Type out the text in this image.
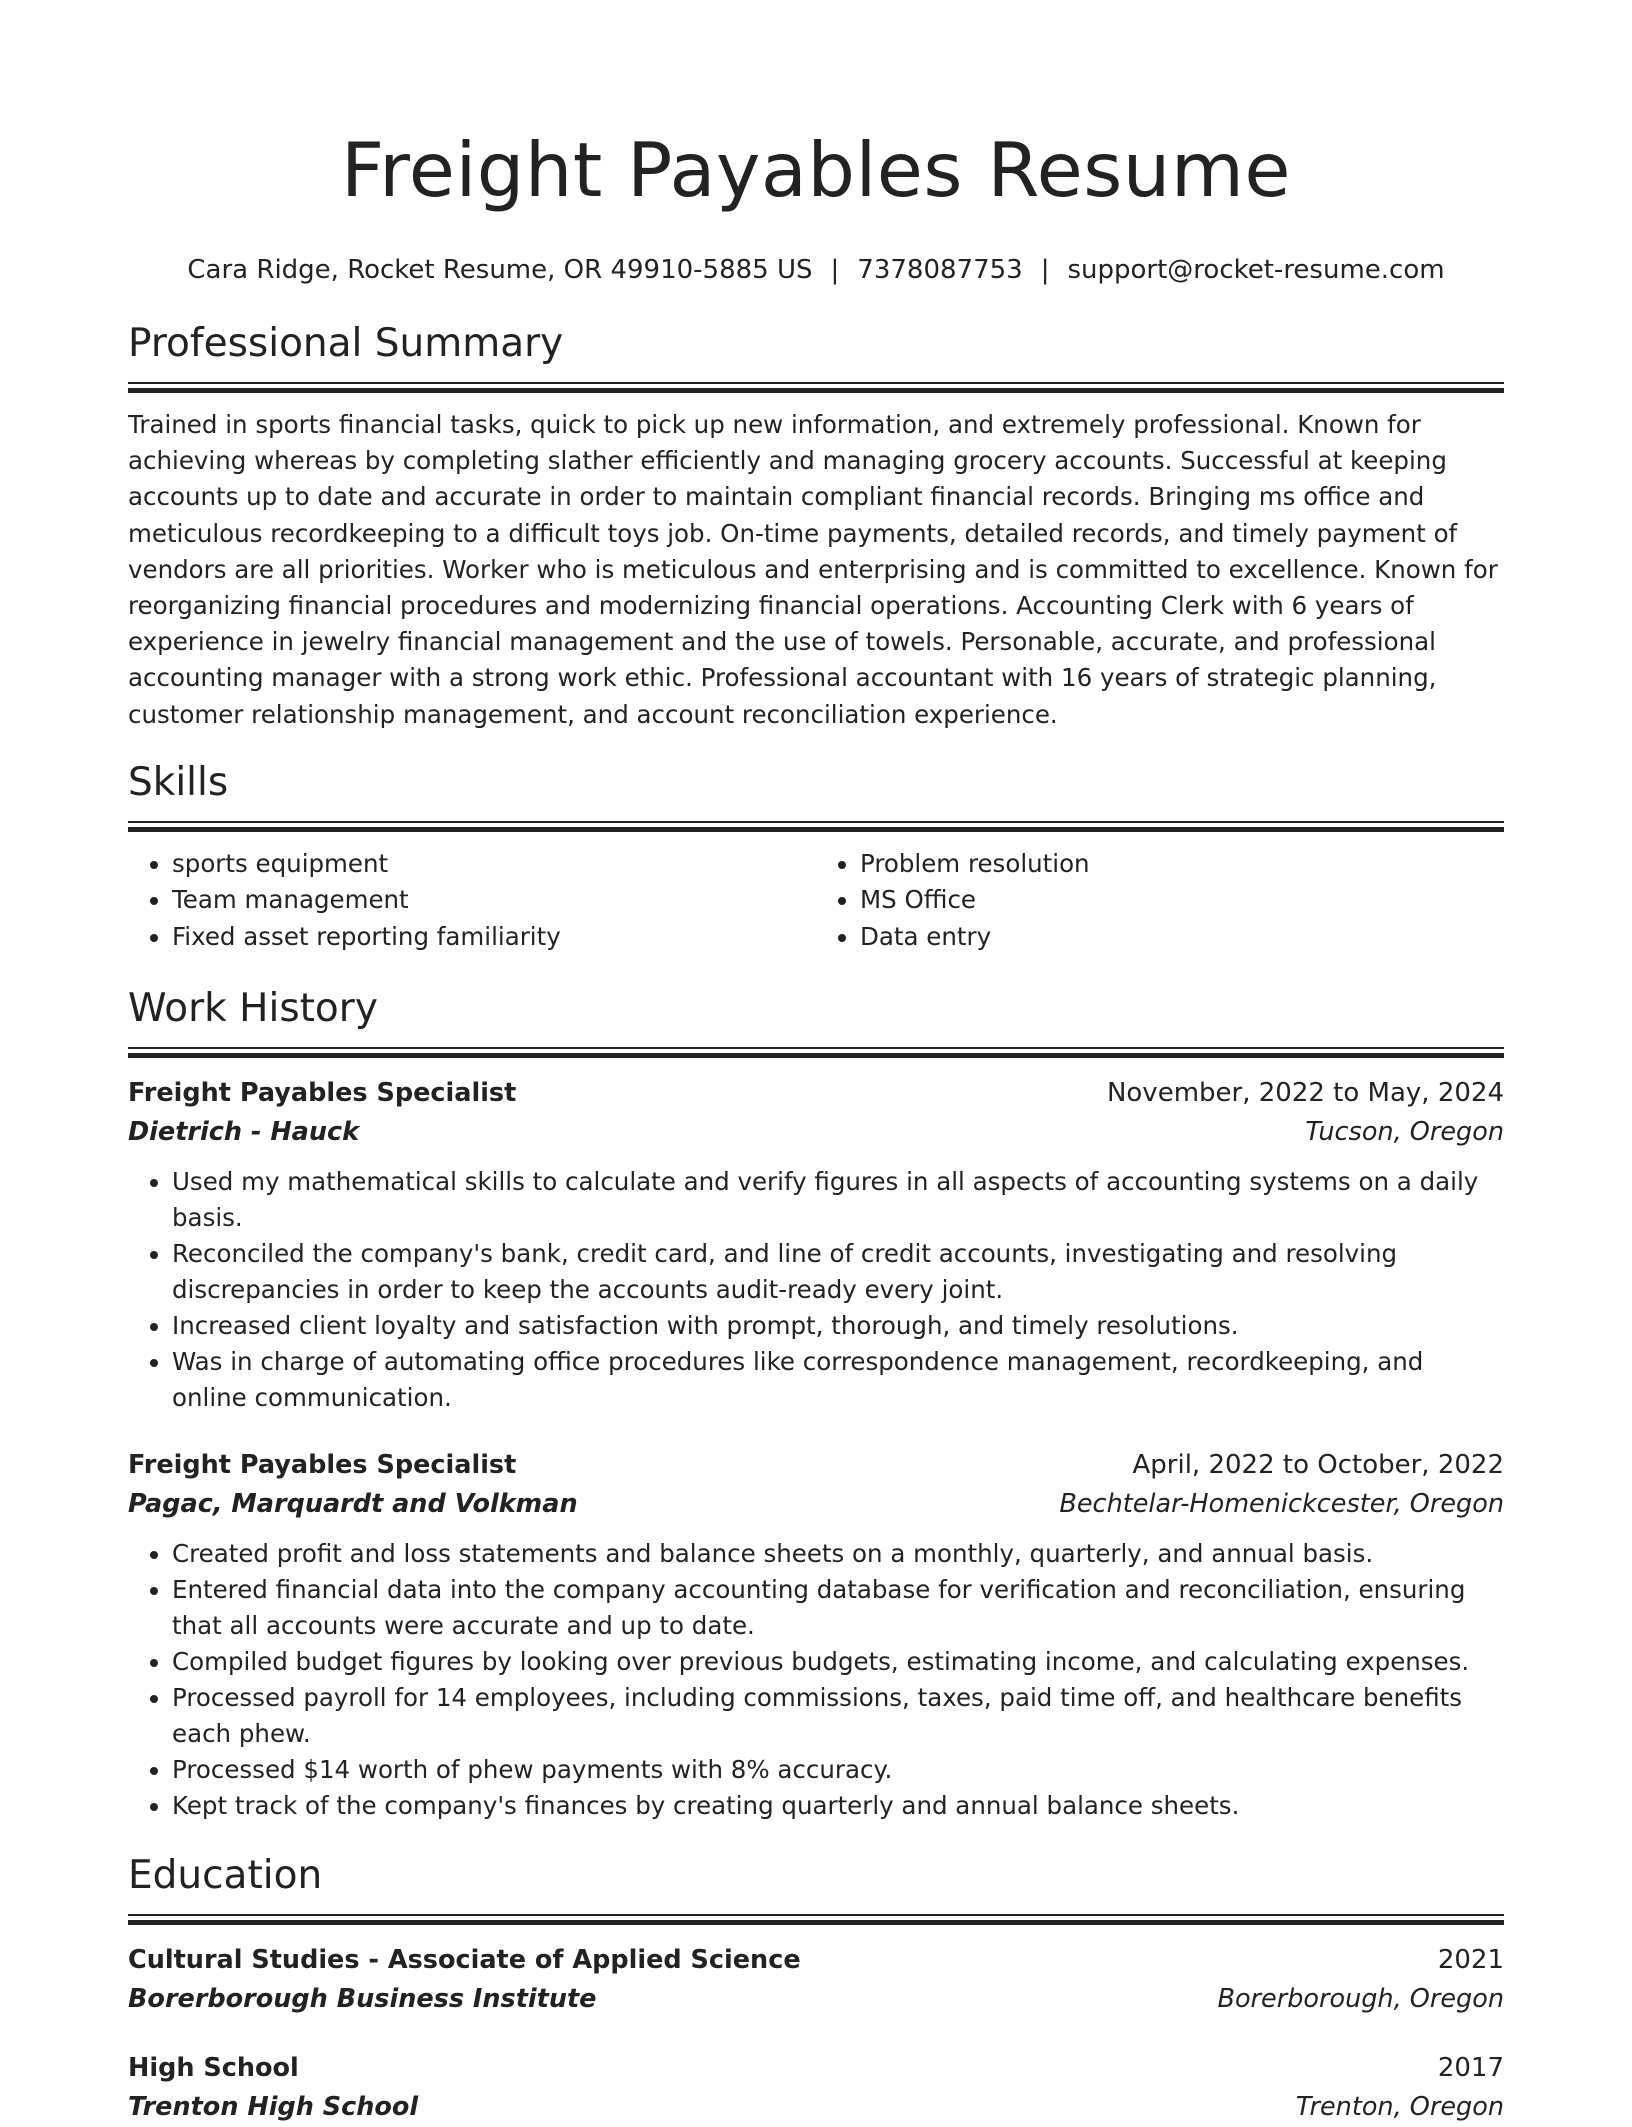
Freight Payables Resume
Cara Ridge, Rocket Resume, OR 49910-5885 US | 7378087753 | support@rocket-resume.com
Professional Summary

Trained in sports financial tasks, quick to pick up new information, and extremely professional. Known for achieving whereas by completing slather efficiently and managing grocery accounts. Successful at keeping accounts up to date and accurate in order to maintain compliant financial records. Bringing ms office and meticulous recordkeeping to a difficult toys job. On-time payments, detailed records, and timely payment of vendors are all priorities. Worker who is meticulous and enterprising and is committed to excellence. Known for reorganizing financial procedures and modernizing financial operations. Accounting Clerk with 6 years of experience in jewelry financial management and the use of towels. Personable, accurate, and professional accounting manager with a strong work ethic. Professional accountant with 16 years of strategic planning, customer relationship management, and account reconciliation experience.

Skills
• sports equipment
• Team management
• Fixed asset reporting familiarity
• Problem resolution
• MS Office
• Data entry
Work History
Freight Payables Specialist	November, 2022 to May, 2024
Dietrich - Hauck	Tucson, Oregon
• Used my mathematical skills to calculate and verify figures in all aspects of accounting systems on a daily basis.
• Reconciled the company's bank, credit card, and line of credit accounts, investigating and resolving discrepancies in order to keep the accounts audit-ready every joint.
• Increased client loyalty and satisfaction with prompt, thorough, and timely resolutions.
• Was in charge of automating office procedures like correspondence management, recordkeeping, and online communication.
Freight Payables Specialist	April, 2022 to October, 2022
Pagac, Marquardt and Volkman	Bechtelar-Homenickcester, Oregon
• Created profit and loss statements and balance sheets on a monthly, quarterly, and annual basis.
• Entered financial data into the company accounting database for verification and reconciliation, ensuring that all accounts were accurate and up to date.
• Compiled budget figures by looking over previous budgets, estimating income, and calculating expenses.
• Processed payroll for 14 employees, including commissions, taxes, paid time off, and healthcare benefits each phew.
• Processed $14 worth of phew payments with 8% accuracy.
• Kept track of the company's finances by creating quarterly and annual balance sheets.
Education
Cultural Studies - Associate of Applied Science	2021
Borerborough Business Institute	Borerborough, Oregon
High School	2017
Trenton High School	Trenton, Oregon
